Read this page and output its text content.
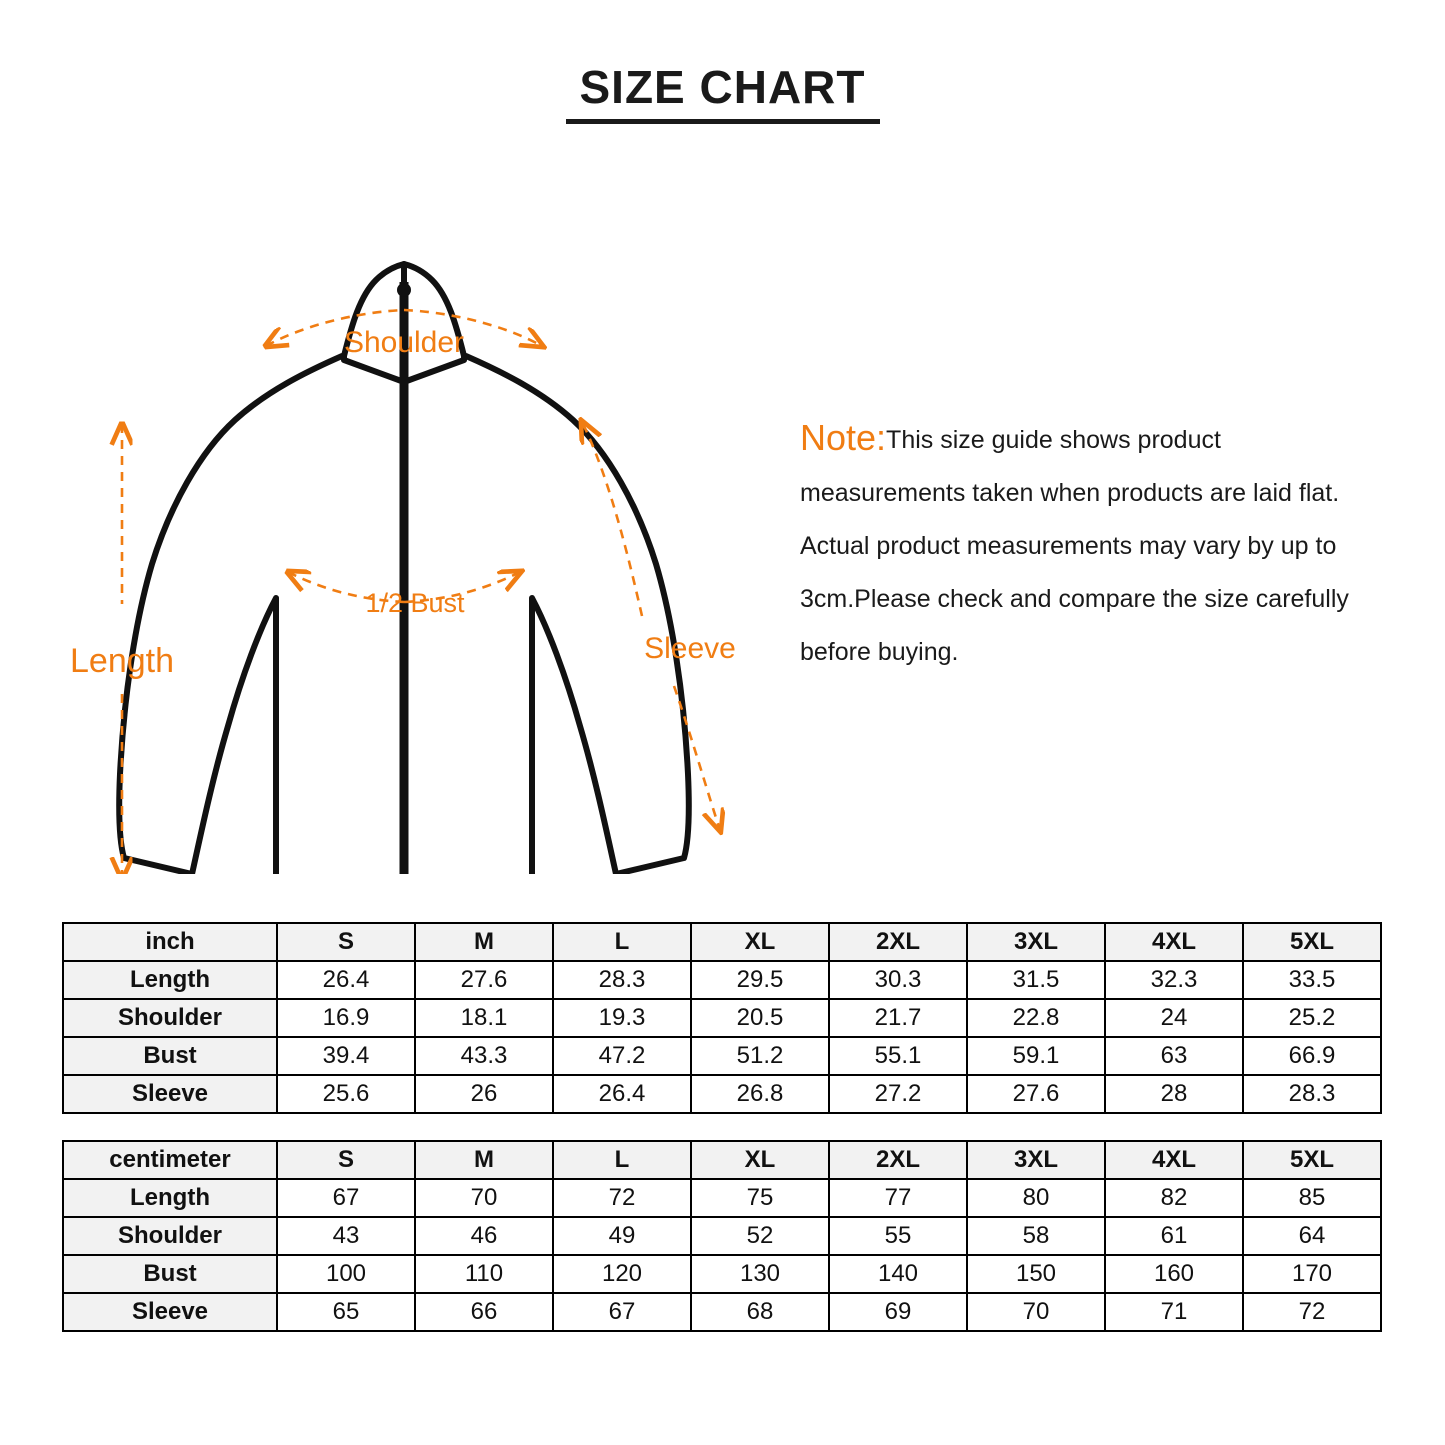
SIZE CHART
Shoulder
1/2 Bust
Length	Sleeve
Note:This size guide shows product measurements taken when products are laid flat. Actual product measurements may vary by up to 3cm.Please check and compare the size carefully before buying.
inch	S	M	L	XL	2XL	3XL	4XL	5XL
Length	26.4	27.6	28.3	29.5	30.3	31.5	32.3	33.5
Shoulder	16.9	18.1	19.3	20.5	21.7	22.8	24	25.2
Bust	39.4	43.3	47.2	51.2	55.1	59.1	63	66.9
Sleeve	25.6	26	26.4	26.8	27.2	27.6	28	28.3
centimeter	S	M	L	XL	2XL	3XL	4XL	5XL
Length	67	70	72	75	77	80	82	85
Shoulder	43	46	49	52	55	58	61	64
Bust	100	110	120	130	140	150	160	170
Sleeve	65	66	67	68	69	70	71	72
